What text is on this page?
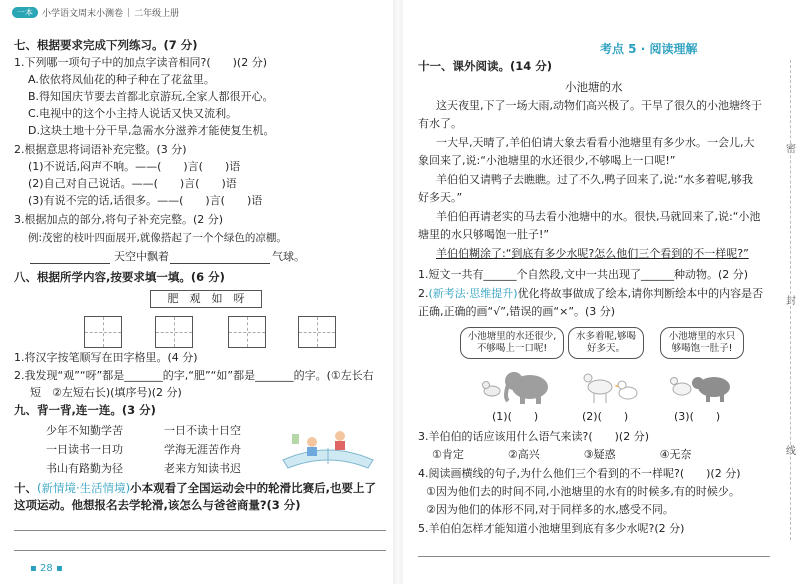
一本	小学语文周末小测卷 | 二年级上册
七、根据要求完成下列练习。(7 分)
1.下列哪一项句子中的加点字读音相同?(　　)(2 分)
A.依依将凤仙花的种子种在了花盆里。
B.得知国庆节要去首都北京游玩,全家人都很开心。
C.电视中的这个小主持人说话又快又流利。
D.这块土地十分干旱,急需水分滋养才能使复生机。
2.根据意思将词语补充完整。(3 分)
(1)不说话,闷声不响。——(　　)言(　　)语
(2)自己对自己说话。——(　　)言(　　)语
(3)有说不完的话,话很多。——(　　)言(　　)语
3.根据加点的部分,将句子补充完整。(2 分)
例:茂密的枝叶四面展开,就像搭起了一个个绿色的凉棚。
天空中飘着	气球。
八、根据所学内容,按要求填一填。(6 分)
肥　观　如　呀
1.将汉字按笔顺写在田字格里。(4 分)
2.我发现“观”“呀”都是_______的字,“肥”“如”都是_______的字。(①左长右
短　②左短右长)(填序号)(2 分)
九、背一背,连一连。(3 分)
少年不知勤学苦	一日不读十日空
一日读书一日功	学海无涯苦作舟
书山有路勤为径	老来方知读书迟
十、(新情境·生活情境)小本观看了全国运动会中的轮滑比赛后,也要上了
这项运动。他想报名去学轮滑,该怎么与爸爸商量?(3 分)
▪ 28 ▪
考点 5 · 阅读理解
十一、课外阅读。(14 分)
小池塘的水
这天夜里,下了一场大雨,动物们高兴极了。干旱了很久的小池塘终于
有水了。
一大早,天晴了,羊伯伯请大象去看看小池塘里有多少水。一会儿,大
象回来了,说:“小池塘里的水还很少,不够喝上一口呢!”
羊伯伯又请鸭子去瞧瞧。过了不久,鸭子回来了,说:“水多着呢,够我
好多天。”
羊伯伯再请老实的马去看小池塘中的水。很快,马就回来了,说:“小池
塘里的水只够喝饱一肚子!”
羊伯伯糊涂了:“到底有多少水呢?怎么他们三个看到的不一样呢?”
1.短文一共有______个自然段,文中一共出现了______种动物。(2 分)
2.(新考法·思维提升)优化将故事做成了绘本,请你判断绘本中的内容是否
正确,正确的画“√”,错误的画“×”。(3 分)
小池塘里的水还很少,不够喝上一口呢!
水多着呢,够喝好多天。
小池塘里的水只够喝饱一肚子!
(1)(　　)	(2)(　　)	(3)(　　)
3.羊伯伯的话应该用什么语气来读?(　　)(2 分)
①肯定　　　　②高兴　　　　③疑惑　　　　④无奈
4.阅读画横线的句子,为什么他们三个看到的不一样呢?(　　)(2 分)
①因为他们去的时间不同,小池塘里的水有的时候多,有的时候少。
②因为他们的体形不同,对于同样多的水,感受不同。
5.羊伯伯怎样才能知道小池塘里到底有多少水呢?(2 分)
密
封
线
